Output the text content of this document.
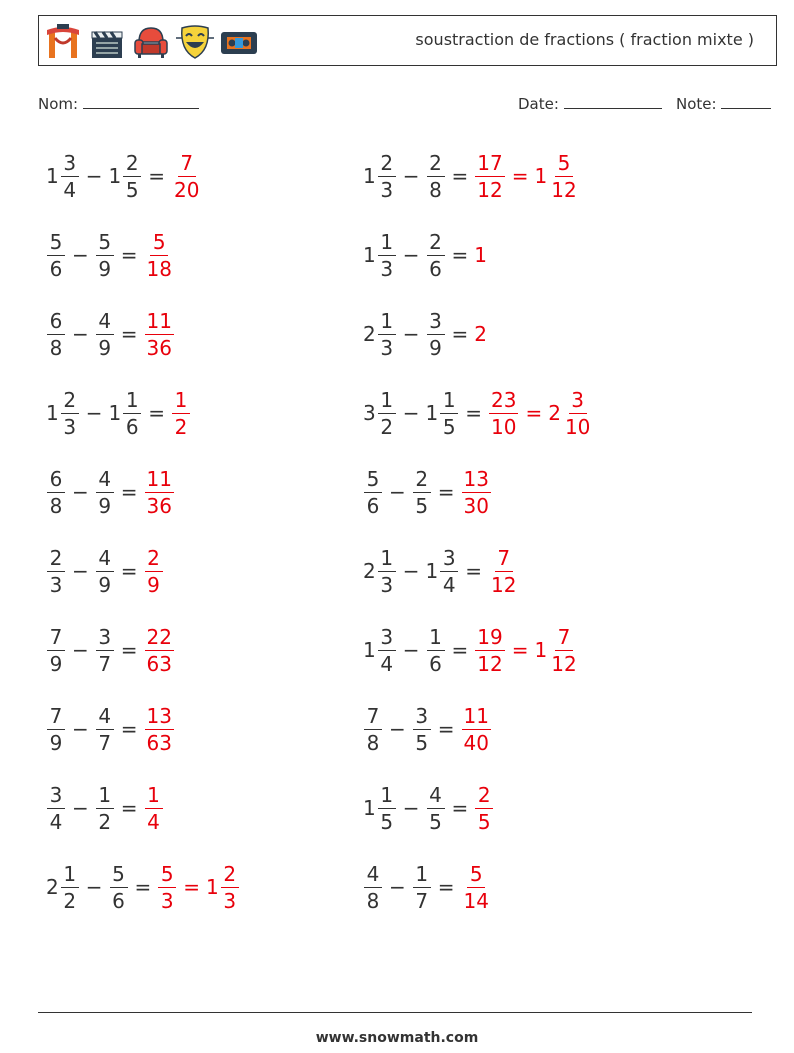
soustraction de fractions ( fraction mixte )
Nom:	Date:	Note:
$1 \frac{3}{4} - 1 \frac{2}{5} = \frac{7}{20}$	$1 \frac{2}{3} - \frac{2}{8} = \frac{17}{12} = 1 \frac{5}{12}$
$\frac{5}{6} - \frac{5}{9} = \frac{5}{18}$	$1 \frac{1}{3} - \frac{2}{6} = 1$
$\frac{6}{8} - \frac{4}{9} = \frac{11}{36}$	$2 \frac{1}{3} - \frac{3}{9} = 2$
$1 \frac{2}{3} - 1 \frac{1}{6} = \frac{1}{2}$	$3 \frac{1}{2} - 1 \frac{1}{5} = \frac{23}{10} = 2 \frac{3}{10}$
$\frac{6}{8} - \frac{4}{9} = \frac{11}{36}$	$\frac{5}{6} - \frac{2}{5} = \frac{13}{30}$
$\frac{2}{3} - \frac{4}{9} = \frac{2}{9}$	$2 \frac{1}{3} - 1 \frac{3}{4} = \frac{7}{12}$
$\frac{7}{9} - \frac{3}{7} = \frac{22}{63}$	$1 \frac{3}{4} - \frac{1}{6} = \frac{19}{12} = 1 \frac{7}{12}$
$\frac{7}{9} - \frac{4}{7} = \frac{13}{63}$	$\frac{7}{8} - \frac{3}{5} = \frac{11}{40}$
$\frac{3}{4} - \frac{1}{2} = \frac{1}{4}$	$1 \frac{1}{5} - \frac{4}{5} = \frac{2}{5}$
$2 \frac{1}{2} - \frac{5}{6} = \frac{5}{3} = 1 \frac{2}{3}$	$\frac{4}{8} - \frac{1}{7} = \frac{5}{14}$
www.snowmath.com
